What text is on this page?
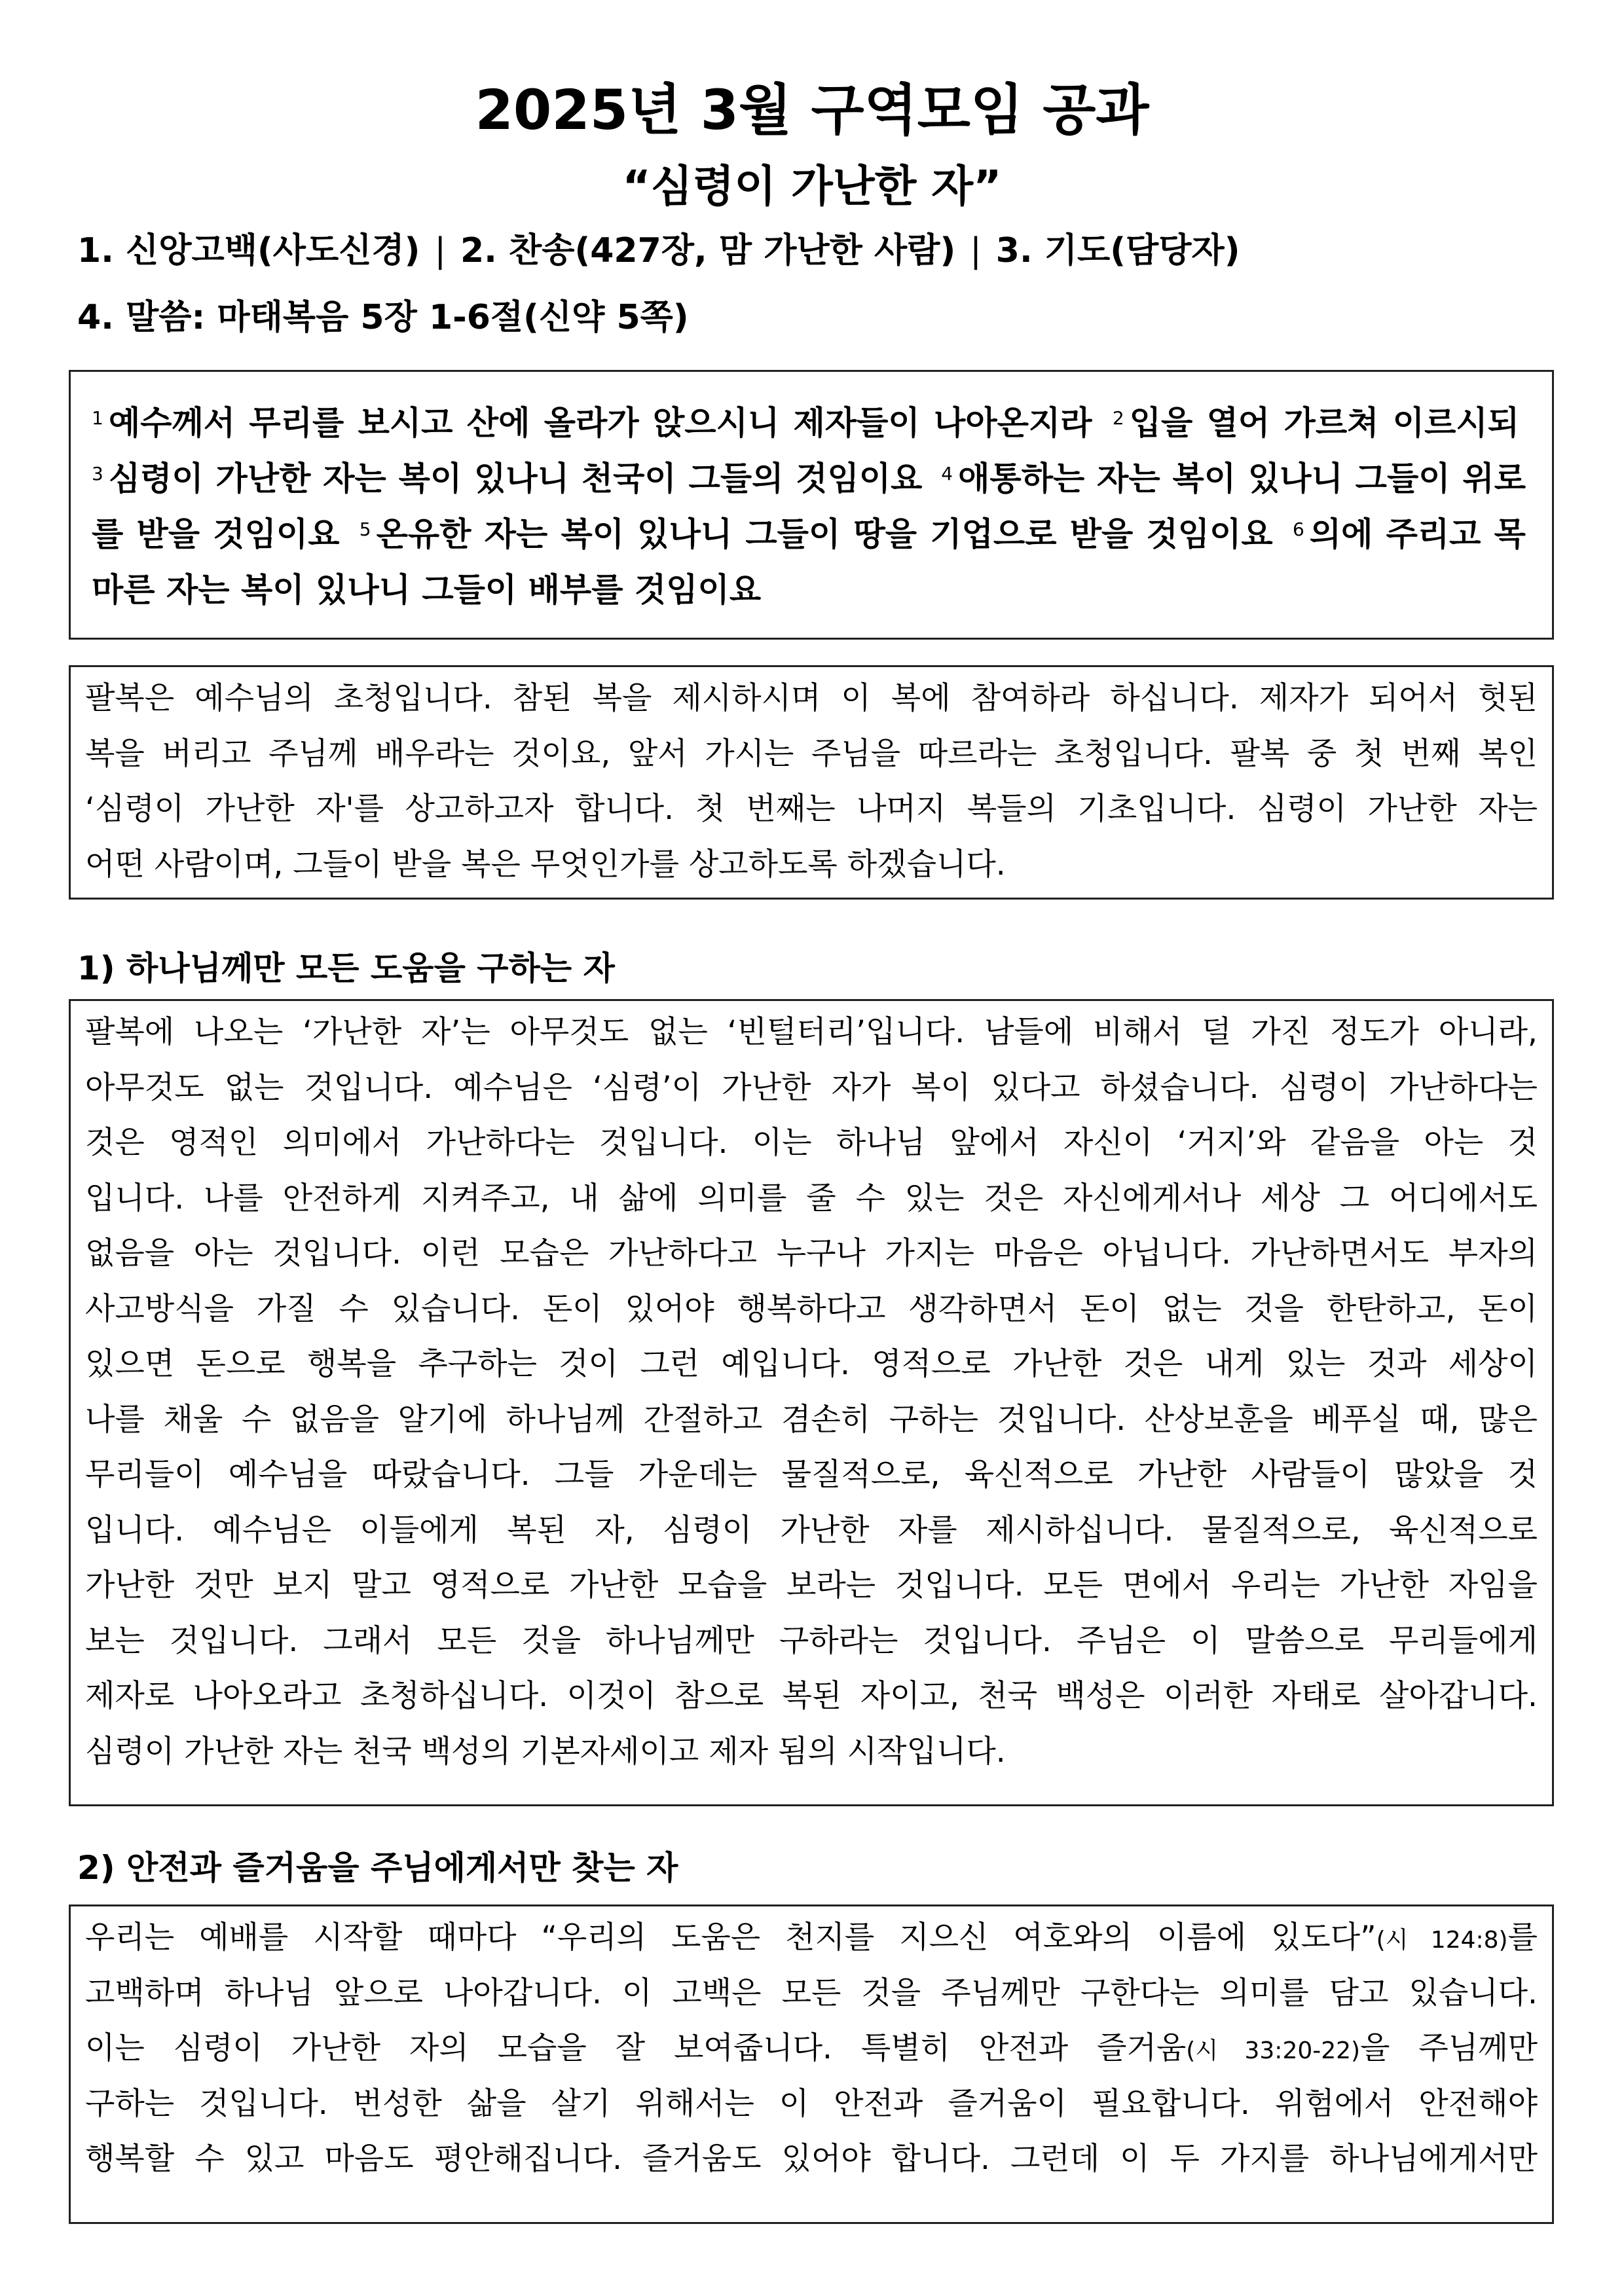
2025년 3월 구역모임 공과
“심령이 가난한 자”
1. 신앙고백(사도신경) | 2. 찬송(427장, 맘 가난한 사람) | 3. 기도(담당자)
4. 말씀: 마태복음 5장 1-6절(신약 5쪽)
$^1$ 예수께서 무리를 보시고 산에 올라가 앉으시니 제자들이 나아온지라 $^2$ 입을 열어 가르쳐 이르시되 $^3$ 심령이 가난한 자는 복이 있나니 천국이 그들의 것임이요 $^4$ 애통하는 자는 복이 있나니 그들이 위로를 받을 것임이요 $^5$ 온유한 자는 복이 있나니 그들이 땅을 기업으로 받을 것임이요 $^6$ 의에 주리고 목마른 자는 복이 있나니 그들이 배부를 것임이요
팔복은 예수님의 초청입니다. 참된 복을 제시하시며 이 복에 참여하라 하십니다. 제자가 되어서 헛된
복을 버리고 주님께 배우라는 것이요, 앞서 가시는 주님을 따르라는 초청입니다. 팔복 중 첫 번째 복인
‘심령이 가난한 자'를 상고하고자 합니다. 첫 번째는 나머지 복들의 기초입니다. 심령이 가난한 자는
어떤 사람이며, 그들이 받을 복은 무엇인가를 상고하도록 하겠습니다.
1) 하나님께만 모든 도움을 구하는 자
팔복에 나오는 ‘가난한 자’는 아무것도 없는 ‘빈털터리’입니다. 남들에 비해서 덜 가진 정도가 아니라,
아무것도 없는 것입니다. 예수님은 ‘심령’이 가난한 자가 복이 있다고 하셨습니다. 심령이 가난하다는
것은 영적인 의미에서 가난하다는 것입니다. 이는 하나님 앞에서 자신이 ‘거지’와 같음을 아는 것
입니다. 나를 안전하게 지켜주고, 내 삶에 의미를 줄 수 있는 것은 자신에게서나 세상 그 어디에서도
없음을 아는 것입니다. 이런 모습은 가난하다고 누구나 가지는 마음은 아닙니다. 가난하면서도 부자의
사고방식을 가질 수 있습니다. 돈이 있어야 행복하다고 생각하면서 돈이 없는 것을 한탄하고, 돈이
있으면 돈으로 행복을 추구하는 것이 그런 예입니다. 영적으로 가난한 것은 내게 있는 것과 세상이
나를 채울 수 없음을 알기에 하나님께 간절하고 겸손히 구하는 것입니다. 산상보훈을 베푸실 때, 많은
무리들이 예수님을 따랐습니다. 그들 가운데는 물질적으로, 육신적으로 가난한 사람들이 많았을 것
입니다. 예수님은 이들에게 복된 자, 심령이 가난한 자를 제시하십니다. 물질적으로, 육신적으로
가난한 것만 보지 말고 영적으로 가난한 모습을 보라는 것입니다. 모든 면에서 우리는 가난한 자임을
보는 것입니다. 그래서 모든 것을 하나님께만 구하라는 것입니다. 주님은 이 말씀으로 무리들에게
제자로 나아오라고 초청하십니다. 이것이 참으로 복된 자이고, 천국 백성은 이러한 자태로 살아갑니다.
심령이 가난한 자는 천국 백성의 기본자세이고 제자 됨의 시작입니다.
2) 안전과 즐거움을 주님에게서만 찾는 자
우리는 예배를 시작할 때마다 “우리의 도움은 천지를 지으신 여호와의 이름에 있도다”(시 124:8)를
고백하며 하나님 앞으로 나아갑니다. 이 고백은 모든 것을 주님께만 구한다는 의미를 담고 있습니다.
이는 심령이 가난한 자의 모습을 잘 보여줍니다. 특별히 안전과 즐거움(시 33:20-22)을 주님께만
구하는 것입니다. 번성한 삶을 살기 위해서는 이 안전과 즐거움이 필요합니다. 위험에서 안전해야
행복할 수 있고 마음도 평안해집니다. 즐거움도 있어야 합니다. 그런데 이 두 가지를 하나님에게서만
